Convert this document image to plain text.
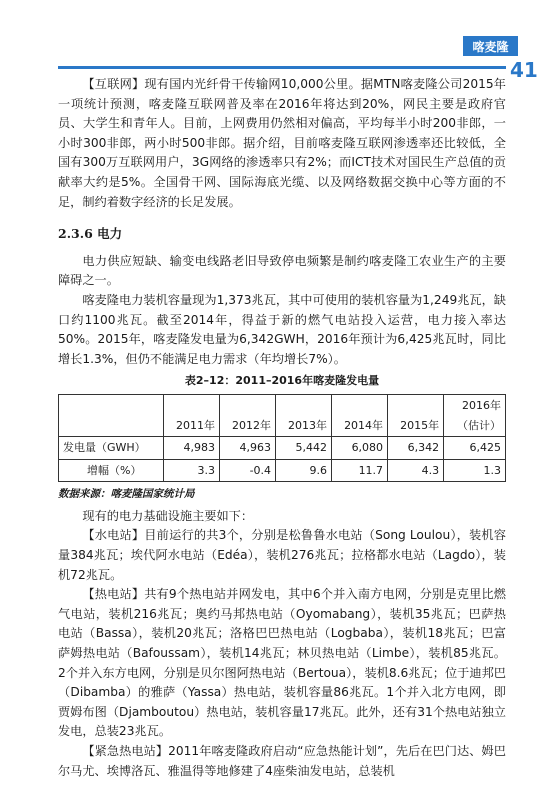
喀麦隆
41

【互联网】现有国内光纤骨干传输网10,000公里。据MTN喀麦隆公司2015年一项统计预测，喀麦隆互联网普及率在2016年将达到20%，网民主要是政府官员、大学生和青年人。目前，上网费用仍然相对偏高，平均每半小时200非郎，一小时300非郎，两小时500非郎。据介绍，目前喀麦隆互联网渗透率还比较低，全国有300万互联网用户，3G网络的渗透率只有2%；而ICT技术对国民生产总值的贡献率大约是5%。全国骨干网、国际海底光缆、以及网络数据交换中心等方面的不足，制约着数字经济的长足发展。

2.3.6 电力

电力供应短缺、输变电线路老旧导致停电频繁是制约喀麦隆工农业生产的主要障碍之一。

喀麦隆电力装机容量现为1,373兆瓦，其中可使用的装机容量为1,249兆瓦，缺口约1100兆瓦。截至2014年，得益于新的燃气电站投入运营，电力接入率达50%。2015年，喀麦隆发电量为6,342GWH，2016年预计为6,425兆瓦时，同比增长1.3%，但仍不能满足电力需求（年均增长7%）。

表2–12：2011–2016年喀麦隆发电量
	2011年	2012年	2013年	2014年	2015年	2016年
（估计）

发电量（GWH）	4,983	4,963	5,442	6,080	6,342	6,425
增幅（%）	3.3	-0.4	9.6	11.7	4.3	1.3
数据来源：喀麦隆国家统计局

现有的电力基础设施主要如下：

【水电站】目前运行的共3个，分别是松鲁鲁水电站（Song Loulou），装机容量384兆瓦；埃代阿水电站（Edéa），装机276兆瓦；拉格都水电站（Lagdo），装机72兆瓦。

【热电站】共有9个热电站并网发电，其中6个并入南方电网，分别是克里比燃气电站，装机216兆瓦；奥约马邦热电站（Oyomabang），装机35兆瓦；巴萨热电站（Bassa），装机20兆瓦；洛格巴巴热电站（Logbaba），装机18兆瓦；巴富萨姆热电站（Bafoussam），装机14兆瓦；林贝热电站（Limbe），装机85兆瓦。2个并入东方电网，分别是贝尔图阿热电站（Bertoua），装机8.6兆瓦；位于迪邦巴（Dibamba）的雅萨（Yassa）热电站，装机容量86兆瓦。1个并入北方电网，即贾姆布图（Djamboutou）热电站，装机容量17兆瓦。此外，还有31个热电站独立发电，总装23兆瓦。

【紧急热电站】2011年喀麦隆政府启动“应急热能计划”，先后在巴门达、姆巴尔马尤、埃博洛瓦、雅温得等地修建了4座柴油发电站，总装机
